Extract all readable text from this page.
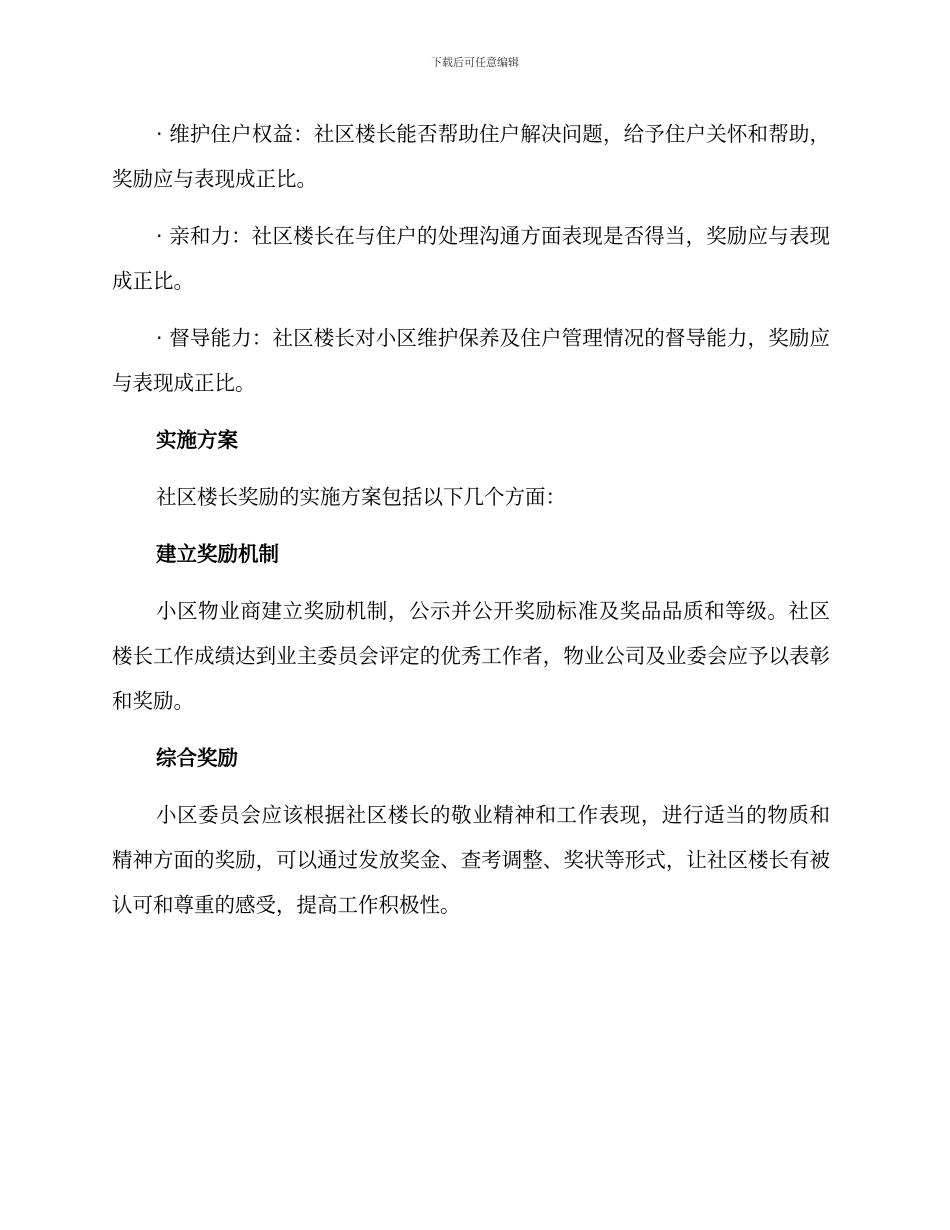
下载后可任意编辑

· 维护住户权益：社区楼长能否帮助住户解决问题，给予住户关怀和帮助，奖励应与表现成正比。

· 亲和力：社区楼长在与住户的处理沟通方面表现是否得当，奖励应与表现成正比。

· 督导能力：社区楼长对小区维护保养及住户管理情况的督导能力，奖励应与表现成正比。

实施方案

社区楼长奖励的实施方案包括以下几个方面：

建立奖励机制

小区物业商建立奖励机制，公示并公开奖励标准及奖品品质和等级。社区楼长工作成绩达到业主委员会评定的优秀工作者，物业公司及业委会应予以表彰和奖励。

综合奖励

小区委员会应该根据社区楼长的敬业精神和工作表现，进行适当的物质和精神方面的奖励，可以通过发放奖金、查考调整、奖状等形式，让社区楼长有被认可和尊重的感受，提高工作积极性。
